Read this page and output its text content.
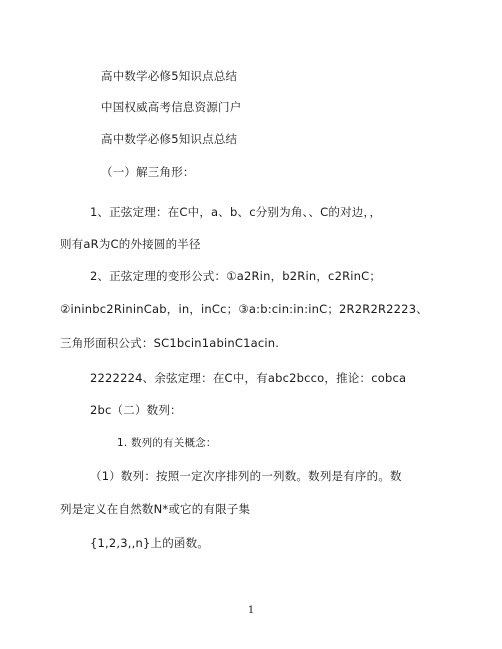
高中数学必修5知识点总结
中国权威高考信息资源门户
高中数学必修5知识点总结
（一）解三角形：
1、正弦定理：在C中，a、b、c分别为角、、C的对边，，
则有aR为C的外接圆的半径
2、正弦定理的变形公式：①a2Rin，b2Rin，c2RinC；
②ininbc2RininCab，in，inCc；③a:b:cin:in:inC；2R2R2R2223、
三角形面积公式：SC1bcin1abinC1acin.
2222224、余弦定理：在C中，有abc2bcco，推论：cobca
2bc（二）数列：
1. 数列的有关概念：
（1）数列：按照一定次序排列的一列数。数列是有序的。数
列是定义在自然数N*或它的有限子集
{1,2,3,,n}上的函数。
1
